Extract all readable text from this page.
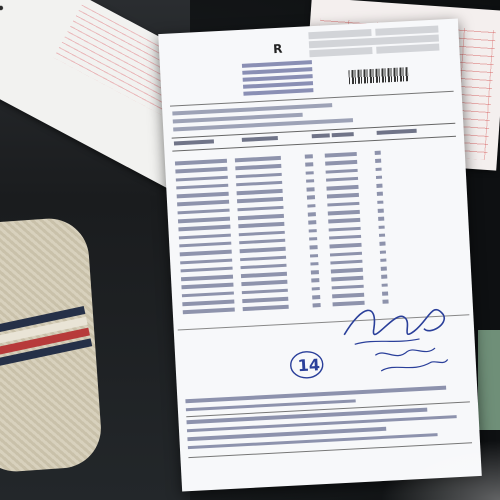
R
14
